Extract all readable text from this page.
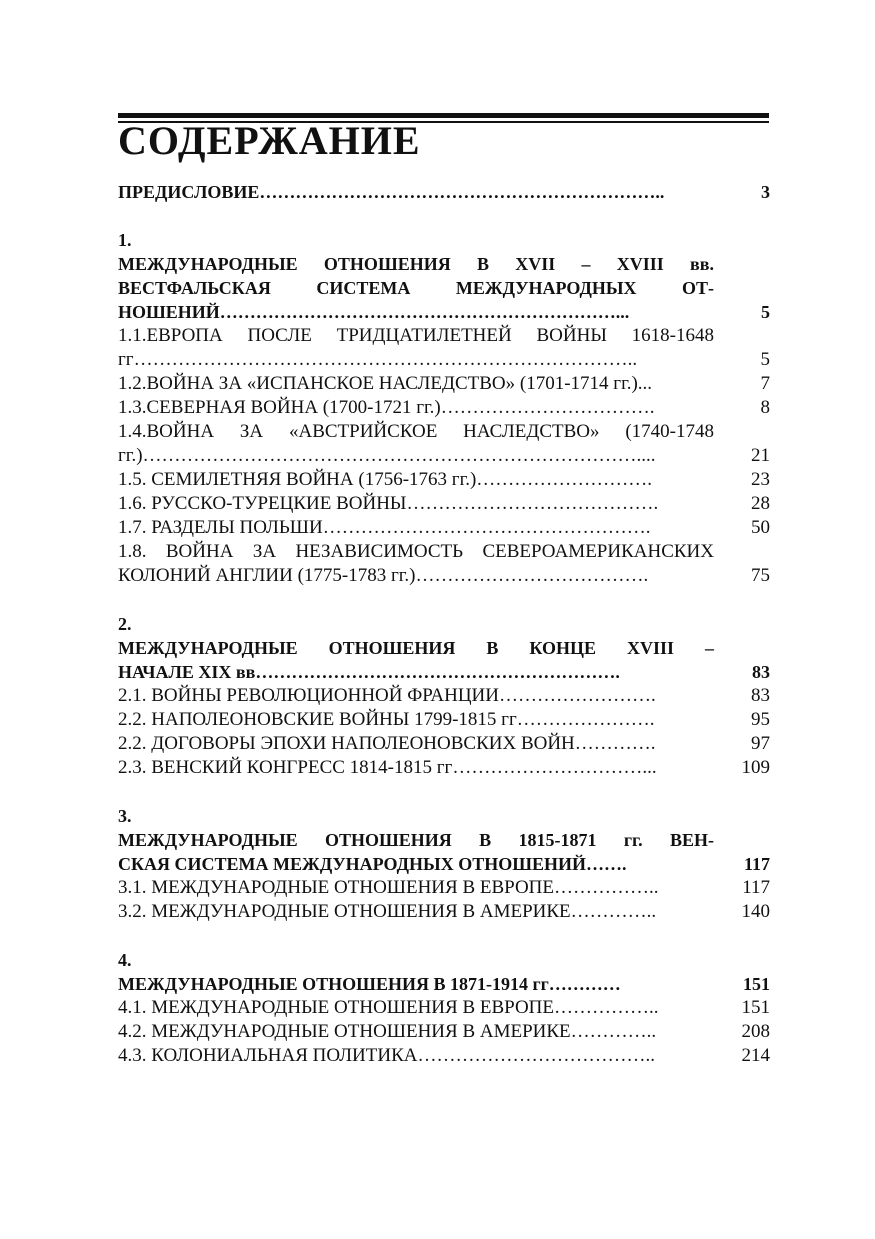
СОДЕРЖАНИЕ
ПРЕДИСЛОВИЕ…………………………………………………………..	3
1.
МЕЖДУНАРОДНЫЕ ОТНОШЕНИЯ В XVII – XVIII вв.
ВЕСТФАЛЬСКАЯ СИСТЕМА МЕЖДУНАРОДНЫХ ОТ-
НОШЕНИЙ…………………………………………………………...	5
1.1.ЕВРОПА ПОСЛЕ ТРИДЦАТИЛЕТНЕЙ ВОЙНЫ 1618-1648
гг……………………………………………………………………..	5
1.2.ВОЙНА ЗА «ИСПАНСКОЕ НАСЛЕДСТВО» (1701-1714 гг.)...	7
1.3.СЕВЕРНАЯ ВОЙНА (1700-1721 гг.)…………………………….	8
1.4.ВОЙНА ЗА «АВСТРИЙСКОЕ НАСЛЕДСТВО» (1740-1748
гг.)……………………………………………………………………....	21
1.5. СЕМИЛЕТНЯЯ ВОЙНА (1756-1763 гг.)……………………….	23
1.6. РУССКО-ТУРЕЦКИЕ ВОЙНЫ………………………………….	28
1.7. РАЗДЕЛЫ ПОЛЬШИ…………………………………………….	50
1.8. ВОЙНА ЗА НЕЗАВИСИМОСТЬ СЕВЕРОАМЕРИКАНСКИХ
КОЛОНИЙ АНГЛИИ (1775-1783 гг.)……………………………….	75
2.
МЕЖДУНАРОДНЫЕ ОТНОШЕНИЯ В КОНЦЕ XVIII –
НАЧАЛЕ XIX вв…………………………………………………….	83
2.1. ВОЙНЫ РЕВОЛЮЦИОННОЙ ФРАНЦИИ…………………….	83
2.2. НАПОЛЕОНОВСКИЕ ВОЙНЫ 1799-1815 гг………………….	95
2.2. ДОГОВОРЫ ЭПОХИ НАПОЛЕОНОВСКИХ ВОЙН………….	97
2.3. ВЕНСКИЙ КОНГРЕСС 1814-1815 гг…………………………...	109
3.
МЕЖДУНАРОДНЫЕ ОТНОШЕНИЯ В 1815-1871 гг. ВЕН-
СКАЯ СИСТЕМА МЕЖДУНАРОДНЫХ ОТНОШЕНИЙ…….	117
3.1. МЕЖДУНАРОДНЫЕ ОТНОШЕНИЯ В ЕВРОПЕ……………..	117
3.2. МЕЖДУНАРОДНЫЕ ОТНОШЕНИЯ В АМЕРИКЕ…………..	140
4.
МЕЖДУНАРОДНЫЕ ОТНОШЕНИЯ В 1871-1914 гг…………	151
4.1. МЕЖДУНАРОДНЫЕ ОТНОШЕНИЯ В ЕВРОПЕ……………..	151
4.2. МЕЖДУНАРОДНЫЕ ОТНОШЕНИЯ В АМЕРИКЕ…………..	208
4.3. КОЛОНИАЛЬНАЯ ПОЛИТИКА………………………………..	214
